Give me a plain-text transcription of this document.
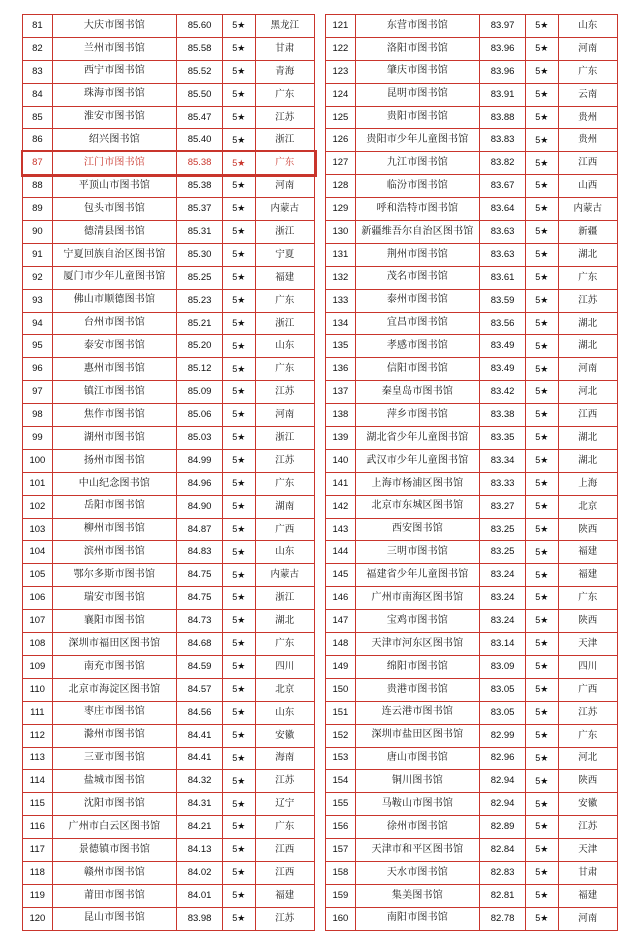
81	大庆市图书馆	85.60	5★	黑龙江
82	兰州市图书馆	85.58	5★	甘肃
83	西宁市图书馆	85.52	5★	青海
84	珠海市图书馆	85.50	5★	广东
85	淮安市图书馆	85.47	5★	江苏
86	绍兴图书馆	85.40	5★	浙江
87	江门市图书馆	85.38	5★	广东
88	平顶山市图书馆	85.38	5★	河南
89	包头市图书馆	85.37	5★	内蒙古
90	德清县图书馆	85.31	5★	浙江
91	宁夏回族自治区图书馆	85.30	5★	宁夏
92	厦门市少年儿童图书馆	85.25	5★	福建
93	佛山市顺德图书馆	85.23	5★	广东
94	台州市图书馆	85.21	5★	浙江
95	泰安市图书馆	85.20	5★	山东
96	惠州市图书馆	85.12	5★	广东
97	镇江市图书馆	85.09	5★	江苏
98	焦作市图书馆	85.06	5★	河南
99	湖州市图书馆	85.03	5★	浙江
100	扬州市图书馆	84.99	5★	江苏
101	中山纪念图书馆	84.96	5★	广东
102	岳阳市图书馆	84.90	5★	湖南
103	柳州市图书馆	84.87	5★	广西
104	滨州市图书馆	84.83	5★	山东
105	鄂尔多斯市图书馆	84.75	5★	内蒙古
106	瑞安市图书馆	84.75	5★	浙江
107	襄阳市图书馆	84.73	5★	湖北
108	深圳市福田区图书馆	84.68	5★	广东
109	南充市图书馆	84.59	5★	四川
110	北京市海淀区图书馆	84.57	5★	北京
111	枣庄市图书馆	84.56	5★	山东
112	滁州市图书馆	84.41	5★	安徽
113	三亚市图书馆	84.41	5★	海南
114	盐城市图书馆	84.32	5★	江苏
115	沈阳市图书馆	84.31	5★	辽宁
116	广州市白云区图书馆	84.21	5★	广东
117	景德镇市图书馆	84.13	5★	江西
118	赣州市图书馆	84.02	5★	江西
119	莆田市图书馆	84.01	5★	福建
120	昆山市图书馆	83.98	5★	江苏
121	东营市图书馆	83.97	5★	山东
122	洛阳市图书馆	83.96	5★	河南
123	肇庆市图书馆	83.96	5★	广东
124	昆明市图书馆	83.91	5★	云南
125	贵阳市图书馆	83.88	5★	贵州
126	贵阳市少年儿童图书馆	83.83	5★	贵州
127	九江市图书馆	83.82	5★	江西
128	临汾市图书馆	83.67	5★	山西
129	呼和浩特市图书馆	83.64	5★	内蒙古
130	新疆维吾尔自治区图书馆	83.63	5★	新疆
131	荆州市图书馆	83.63	5★	湖北
132	茂名市图书馆	83.61	5★	广东
133	泰州市图书馆	83.59	5★	江苏
134	宜昌市图书馆	83.56	5★	湖北
135	孝感市图书馆	83.49	5★	湖北
136	信阳市图书馆	83.49	5★	河南
137	秦皇岛市图书馆	83.42	5★	河北
138	萍乡市图书馆	83.38	5★	江西
139	湖北省少年儿童图书馆	83.35	5★	湖北
140	武汉市少年儿童图书馆	83.34	5★	湖北
141	上海市杨浦区图书馆	83.33	5★	上海
142	北京市东城区图书馆	83.27	5★	北京
143	西安图书馆	83.25	5★	陕西
144	三明市图书馆	83.25	5★	福建
145	福建省少年儿童图书馆	83.24	5★	福建
146	广州市南海区图书馆	83.24	5★	广东
147	宝鸡市图书馆	83.24	5★	陕西
148	天津市河东区图书馆	83.14	5★	天津
149	绵阳市图书馆	83.09	5★	四川
150	贵港市图书馆	83.05	5★	广西
151	连云港市图书馆	83.05	5★	江苏
152	深圳市盐田区图书馆	82.99	5★	广东
153	唐山市图书馆	82.96	5★	河北
154	铜川图书馆	82.94	5★	陕西
155	马鞍山市图书馆	82.94	5★	安徽
156	徐州市图书馆	82.89	5★	江苏
157	天津市和平区图书馆	82.84	5★	天津
158	天水市图书馆	82.83	5★	甘肃
159	集美图书馆	82.81	5★	福建
160	南阳市图书馆	82.78	5★	河南
